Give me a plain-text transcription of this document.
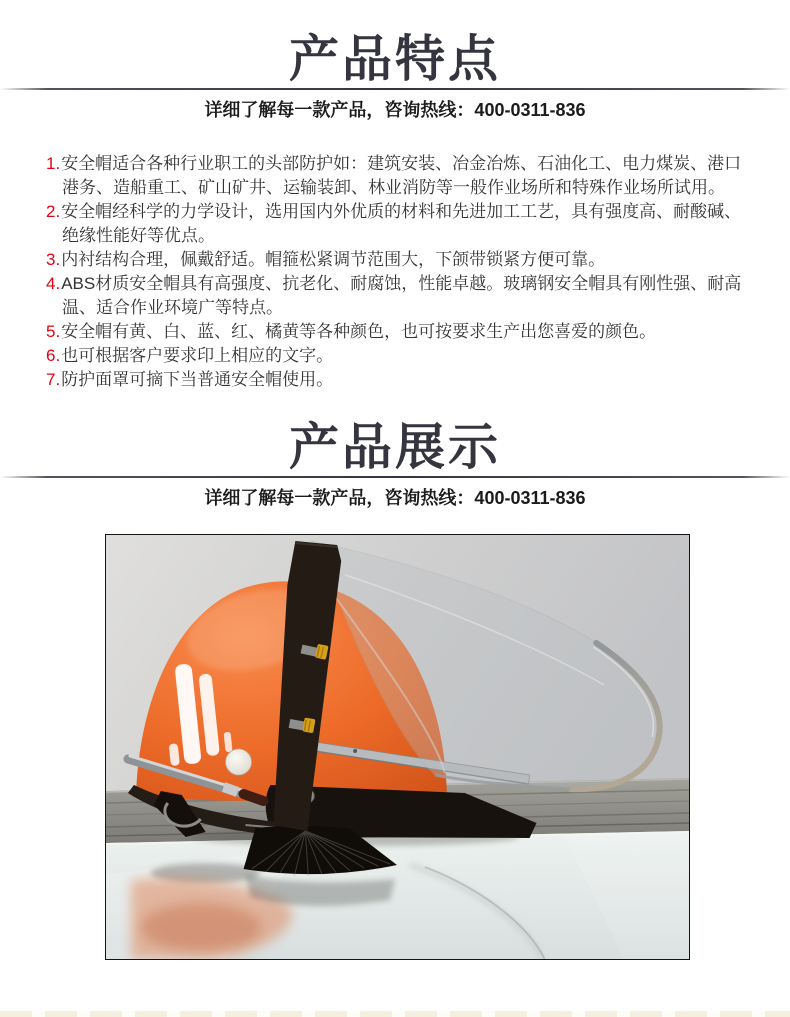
产品特点
详细了解每一款产品，咨询热线：400-0311-836
1.安全帽适合各种行业职工的头部防护如：建筑安装、冶金冶炼、石油化工、电力煤炭、港口港务、造船重工、矿山矿井、运输装卸、林业消防等一般作业场所和特殊作业场所试用。
2.安全帽经科学的力学设计，选用国内外优质的材料和先进加工工艺，具有强度高、耐酸碱、绝缘性能好等优点。
3.内衬结构合理，佩戴舒适。帽箍松紧调节范围大，下颌带锁紧方便可靠。
4.ABS材质安全帽具有高强度、抗老化、耐腐蚀，性能卓越。玻璃钢安全帽具有刚性强、耐高温、适合作业环境广等特点。
5.安全帽有黄、白、蓝、红、橘黄等各种颜色，也可按要求生产出您喜爱的颜色。
6.也可根据客户要求印上相应的文字。
7.防护面罩可摘下当普通安全帽使用。
产品展示
详细了解每一款产品，咨询热线：400-0311-836
